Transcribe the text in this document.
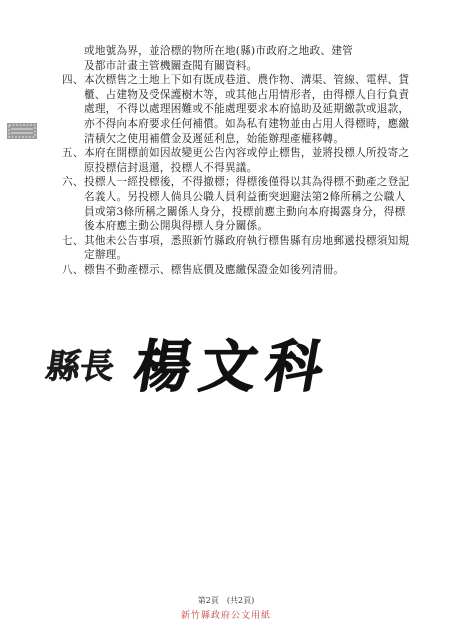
或地號為界，並洽標的物所在地(縣)市政府之地政、建管
及都市計畫主管機關查閱有關資料。
四、 本次標售之土地上下如有既成巷道、農作物、溝渠、管線、電桿、貨櫃、占建物及受保護樹木等，或其他占用情形者，由得標人自行負責處理，不得以處理困難或不能處理要求本府協助及延期繳款或退款，亦不得向本府要求任何補償。如為私有建物並由占用人得標時，應繳清積欠之使用補償金及遲延利息，始能辦理產權移轉。
五、 本府在開標前如因故變更公告內容或停止標售，並將投標人所投寄之原投標信封退還，投標人不得異議。
六、 投標人一經投標後，不得撤標；得標後僅得以其為得標不動產之登記名義人。另投標人倘具公職人員利益衝突迴避法第2條所稱之公職人員或第3條所稱之關係人身分，投標前應主動向本府揭露身分，得標後本府應主動公開與得標人身分關係。
七、 其他未公告事項，悉照新竹縣政府執行標售縣有房地郵遞投標須知規定辦理。
八、 標售不動產標示、標售底價及應繳保證金如後列清冊。
縣長 楊文科
第2頁　(共2頁)
新竹縣政府公文用紙
